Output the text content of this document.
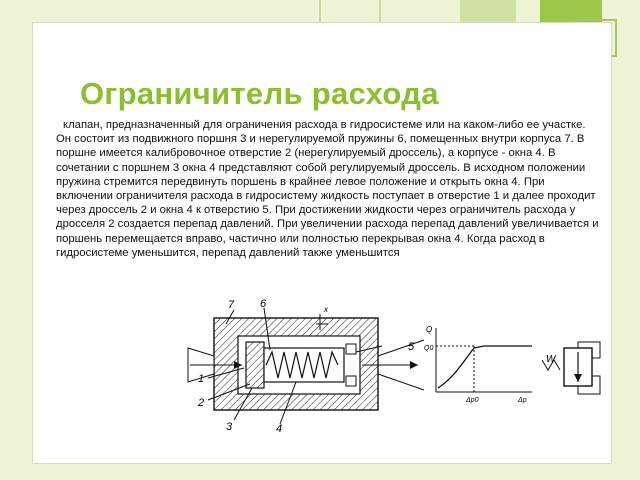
Ограничитель расхода

клапан, предназначенный для ограничения расхода в гидросистеме или на каком-либо ее участке. Он состоит из подвижного поршня 3 и нерегулируемой пружины 6, помещенных внутри корпуса 7. В поршне имеется калибровочное отверстие 2 (нерегулируемый дроссель), а корпусе - окна 4. В сочетании с поршнем 3 окна 4 представляют собой регулируемый дроссель. В исходном положении пружина стремится передвинуть поршень в крайнее левое положение и открыть окна 4. При включении ограничителя расхода в гидросистему жидкость поступает в отверстие 1 и далее проходит через дроссель 2 и окна 4 к отверстию 5. При достижении жидкости через ограничитель расхода у дросселя 2 создается перепад давлений. При увеличении расхода перепад давлений увеличивается и поршень перемещается вправо, частично или полностью перекрывая окна 4. Когда расход в гидросистеме уменьшится, перепад давлений также уменьшится

7 6	x
5
1
2
3	4
Q
Q0
Δp0	Δp
W
